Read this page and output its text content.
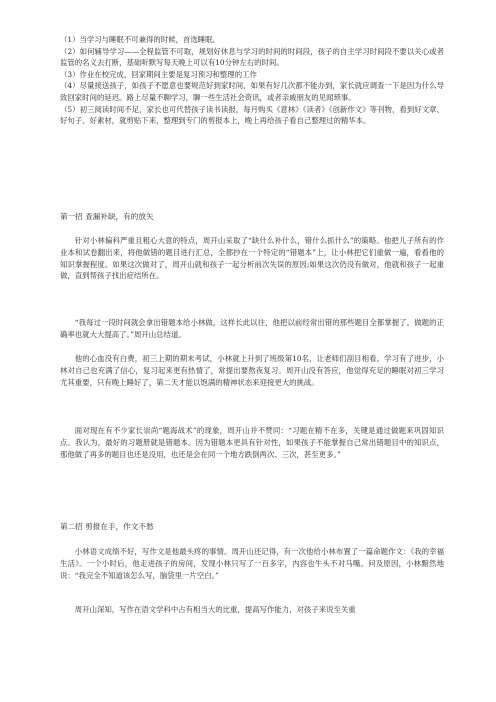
（1）当学习与睡眠不可兼得的时候，首选睡眠。

（2）如何辅导学习——全程监管不可取，规划好休息与学习的时间的时间段，孩子的自主学习时间段不要以关心或者监管的名义去打断，基础听默写每天晚上可以有10分钟左右的时间。

（3）作业在校完成，回家期间主要是复习预习和整理的工作

（4）尽量接送孩子，如孩子不愿意也要规范好到家时间，如果有好几次都不能办到，家长就应调查一下是因为什么导致回家时间的延迟。路上尽量不聊学习，聊一些生活社会资讯，或者亲戚朋友的见闻琐事。

（5）初三阅读时间不足，家长也可代替孩子读书读报，每月购买《意林》《读者》《创新作文》等刊物，看到好文章、好句子、好素材，就剪贴下来，整理到专门的剪报本上，晚上再给孩子看自己整理过的精华本。

第一招 查漏补缺，有的放矢

针对小林偏科严重且粗心大意的特点，周开山采取了“缺什么补什么，错什么抓什么”的策略。他把儿子所有的作业本和试卷翻出来，将他做错的题目进行汇总，全都抄在一个特定的“错题本”上，让小林把它们重做一遍，看看他的知识掌握程度。如果这次做对了，周开山就和孩子一起分析前次失误的原因;如果这次仍没有做对，他就和孩子一起重做，直到帮孩子找出症结所在。

“我每过一段时间就会拿出错题本给小林做，这样长此以往，他把以前经常出错的那些题目全都掌握了，做题的正确率也就大大提高了。”周开山总结道。

他的心血没有白费，初三上期的期末考试，小林就上升到了班级第10名，让老师们刮目相看。学习有了进步，小林对自己也充满了信心，复习起来更有热情了，常提出要熬夜复习。周开山没有答应，他觉得充足的睡眠对初三学习尤其重要，只有晚上睡好了，第二天才能以饱满的精神状态来迎接更大的挑战。

面对现在有不少家长崇尚“题海战术”的现象，周开山并不赞同：“习题在精不在多，关键是通过做题来巩固知识点。我认为，最好的习题册就是错题本。因为错题本更具有针对性，如果孩子不能掌握自己常出错题目中的知识点，那他做了再多的题目也还是没用，也还是会在同一个地方跌倒两次、三次，甚至更多。”

第二招 剪报在手，作文不愁

小林语文成绩不好，写作文是他最头疼的事情。周开山还记得，有一次他给小林布置了一篇命题作文：《我的幸福生活》。一个小时后，他走进孩子的房间，发现小林只写了一百多字，内容也牛头不对马嘴。问及原因，小林黯然地说：“我完全不知道该怎么写，脑袋里一片空白。”

周开山深知，写作在语文学科中占有相当大的比重，提高写作能力，对孩子来说至关重
